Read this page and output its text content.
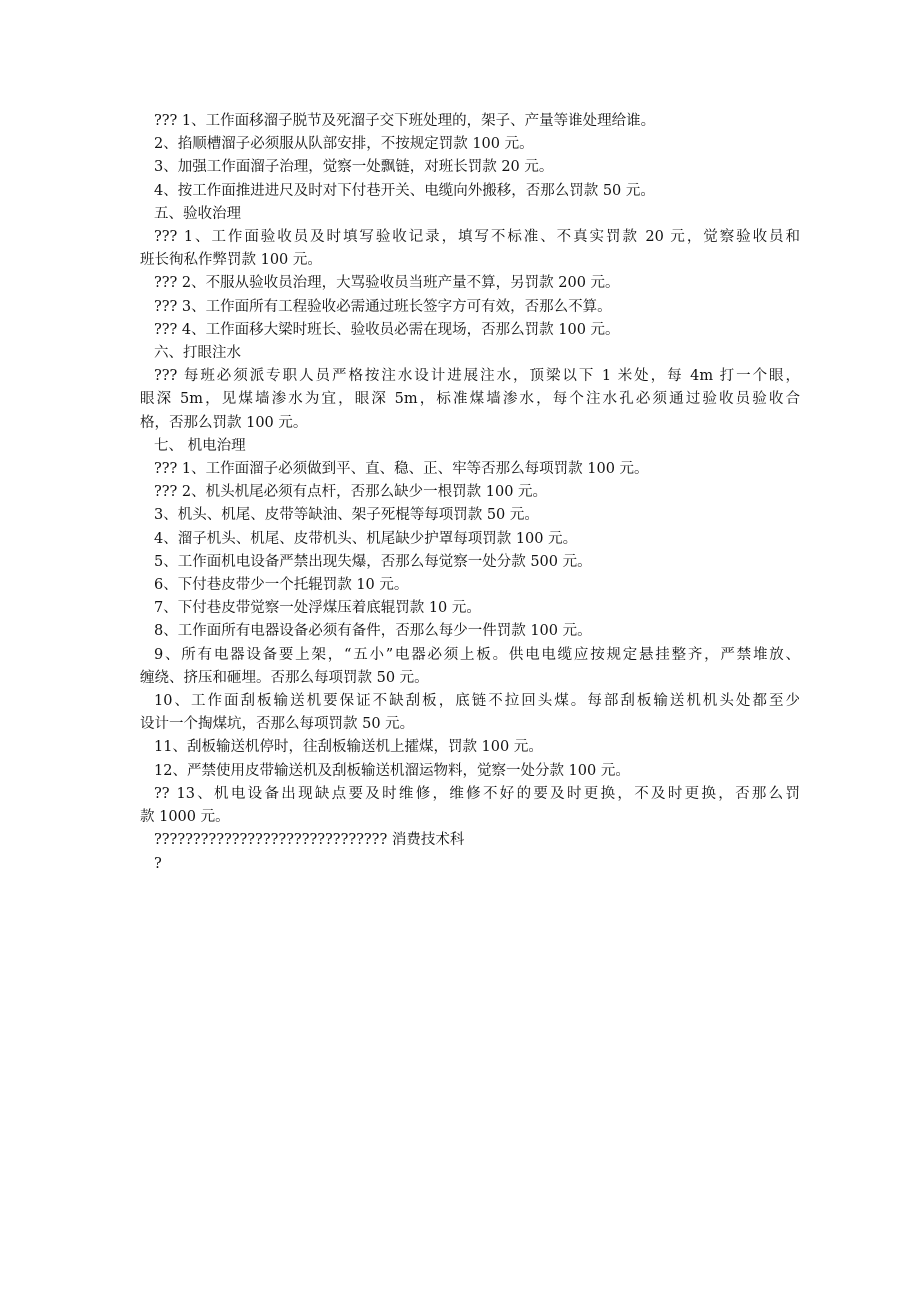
??? 1、工作面移溜子脱节及死溜子交下班处理的，架子、产量等谁处理给谁。
2、掐顺槽溜子必须服从队部安排，不按规定罚款 100 元。
3、加强工作面溜子治理，觉察一处飘链，对班长罚款 20 元。
4、按工作面推进进尺及时对下付巷开关、电缆向外搬移，否那么罚款 50 元。
五、验收治理
??? 1、工作面验收员及时填写验收记录，填写不标准、不真实罚款 20 元，觉察验收员和
班长徇私作弊罚款 100 元。
??? 2、不服从验收员治理，大骂验收员当班产量不算，另罚款 200 元。
??? 3、工作面所有工程验收必需通过班长签字方可有效，否那么不算。
??? 4、工作面移大梁时班长、验收员必需在现场，否那么罚款 100 元。
六、打眼注水
??? 每班必须派专职人员严格按注水设计进展注水，顶梁以下 1 米处，每 4m 打一个眼，
眼深 5m，见煤墙渗水为宜，眼深 5m，标准煤墙渗水，每个注水孔必须通过验收员验收合
格，否那么罚款 100 元。
七、 机电治理
??? 1、工作面溜子必须做到平、直、稳、正、牢等否那么每项罚款 100 元。
??? 2、机头机尾必须有点杆，否那么缺少一根罚款 100 元。
3、机头、机尾、皮带等缺油、架子死棍等每项罚款 50 元。
4、溜子机头、机尾、皮带机头、机尾缺少护罩每项罚款 100 元。
5、工作面机电设备严禁出现失爆，否那么每觉察一处分款 500 元。
6、下付巷皮带少一个托辊罚款 10 元。
7、下付巷皮带觉察一处浮煤压着底辊罚款 10 元。
8、工作面所有电器设备必须有备件，否那么每少一件罚款 100 元。
9、所有电器设备要上架，“五小”电器必须上板。供电电缆应按规定悬挂整齐，严禁堆放、
缠绕、挤压和砸埋。否那么每项罚款 50 元。
10、工作面刮板输送机要保证不缺刮板，底链不拉回头煤。每部刮板输送机机头处都至少
设计一个掏煤坑，否那么每项罚款 50 元。
11、刮板输送机停时，往刮板输送机上攉煤，罚款 100 元。
12、严禁使用皮带输送机及刮板输送机溜运物料，觉察一处分款 100 元。
?? 13、机电设备出现缺点要及时维修，维修不好的要及时更换，不及时更换，否那么罚
款 1000 元。
?????????????????????????????? 消费技术科
?
